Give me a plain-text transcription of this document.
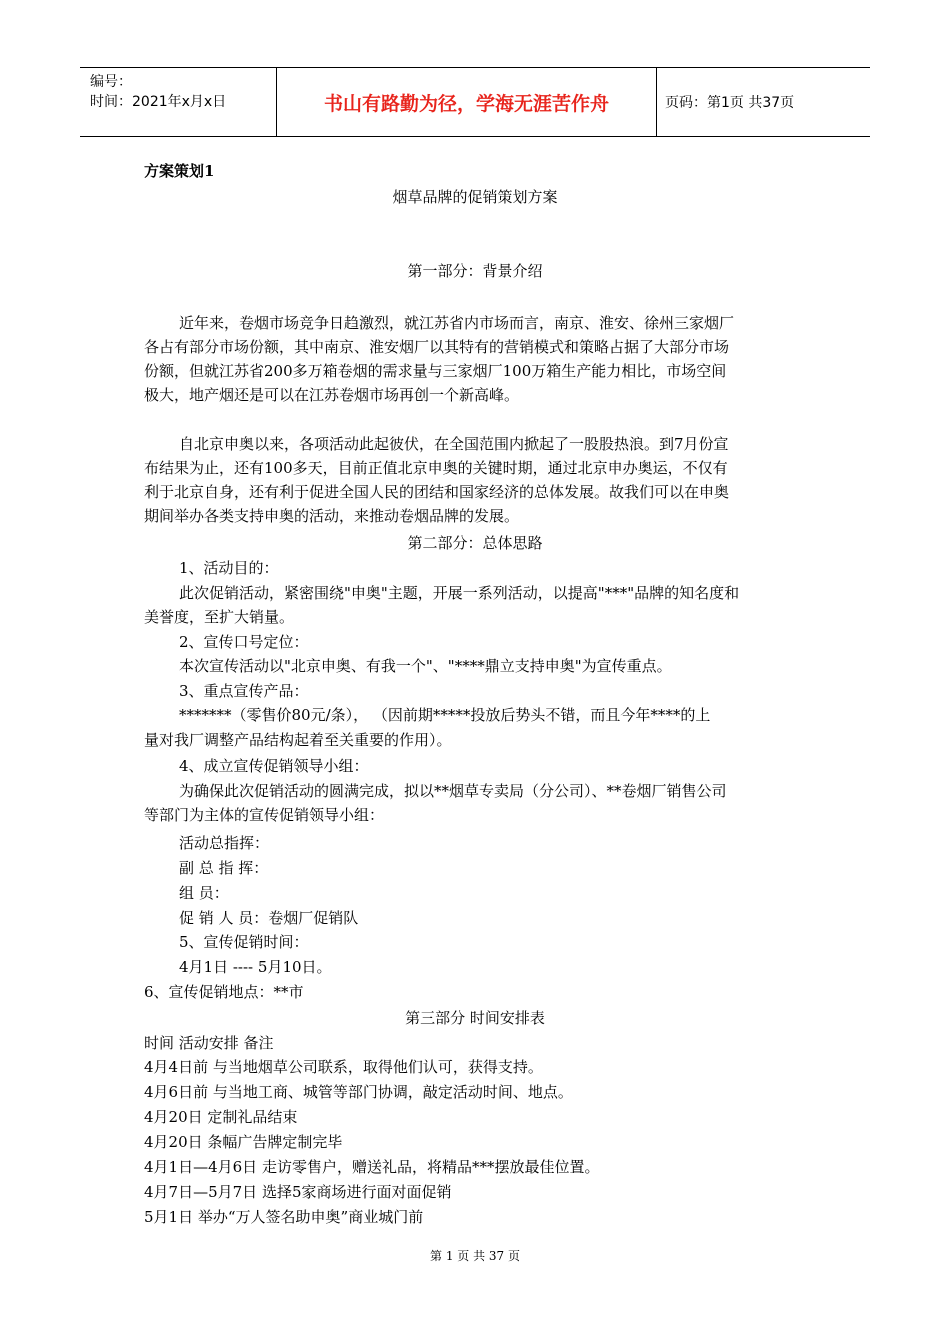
编号：
时间：2021年x月x日	书山有路勤为径，学海无涯苦作舟	页码：第1页 共37页
方案策划1
烟草品牌的促销策划方案
第一部分：背景介绍
近年来，卷烟市场竞争日趋激烈，就江苏省内市场而言，南京、淮安、徐州三家烟厂
各占有部分市场份额，其中南京、淮安烟厂以其特有的营销模式和策略占据了大部分市场
份额，但就江苏省200多万箱卷烟的需求量与三家烟厂100万箱生产能力相比，市场空间
极大，地产烟还是可以在江苏卷烟市场再创一个新高峰。
自北京申奥以来，各项活动此起彼伏，在全国范围内掀起了一股股热浪。到7月份宣
布结果为止，还有100多天，目前正值北京申奥的关键时期，通过北京申办奥运，不仅有
利于北京自身，还有利于促进全国人民的团结和国家经济的总体发展。故我们可以在申奥
期间举办各类支持申奥的活动，来推动卷烟品牌的发展。
第二部分：总体思路
1、活动目的：
此次促销活动，紧密围绕"申奥"主题，开展一系列活动，以提高"***"品牌的知名度和
美誉度，至扩大销量。
2、宣传口号定位：
本次宣传活动以"北京申奥、有我一个"、"****鼎立支持申奥"为宣传重点。
3、重点宣传产品：
*******（零售价80元/条）， （因前期*****投放后势头不错，而且今年****的上
量对我厂调整产品结构起着至关重要的作用）。
4、成立宣传促销领导小组：
为确保此次促销活动的圆满完成，拟以**烟草专卖局（分公司）、**卷烟厂销售公司
等部门为主体的宣传促销领导小组：
活动总指挥：
副 总 指 挥：
组 员：
促 销 人 员：卷烟厂促销队
5、宣传促销时间：
4月1日 ---- 5月10日。
6、宣传促销地点：**市
第三部分 时间安排表
时间 活动安排 备注
4月4日前 与当地烟草公司联系，取得他们认可，获得支持。
4月6日前 与当地工商、城管等部门协调，敲定活动时间、地点。
4月20日 定制礼品结束
4月20日 条幅广告牌定制完毕
4月1日—4月6日 走访零售户，赠送礼品，将精品***摆放最佳位置。
4月7日—5月7日 选择5家商场进行面对面促销
5月1日 举办“万人签名助申奥”商业城门前
第 1 页 共 37 页
